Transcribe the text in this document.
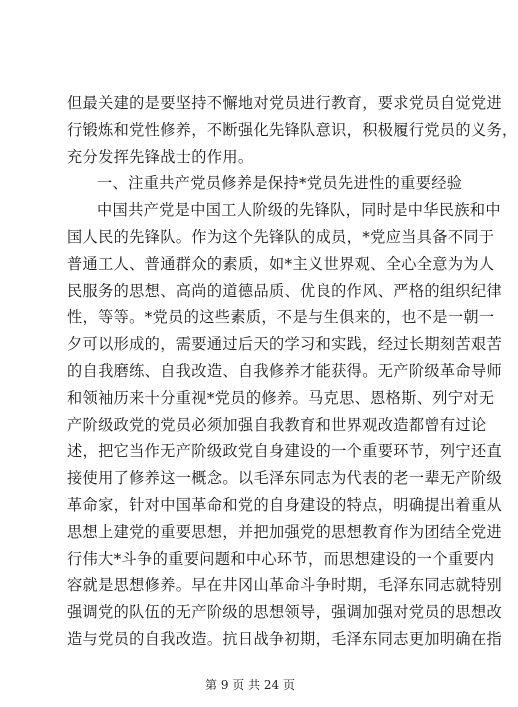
但最关建的是要坚持不懈地对党员进行教育，要求党员自觉党进
行锻炼和党性修养，不断强化先锋队意识，积极履行党员的义务，
充分发挥先锋战士的作用。
一、注重共产党员修养是保持*党员先进性的重要经验
中国共产党是中国工人阶级的先锋队，同时是中华民族和中
国人民的先锋队。作为这个先锋队的成员，*党应当具备不同于
普通工人、普通群众的素质，如*主义世界观、全心全意为为人
民服务的思想、高尚的道德品质、优良的作风、严格的组织纪律
性，等等。*党员的这些素质，不是与生俱来的，也不是一朝一
夕可以形成的，需要通过后天的学习和实践，经过长期刻苦艰苦
的自我磨练、自我改造、自我修养才能获得。无产阶级革命导师
和领袖历来十分重视*党员的修养。马克思、恩格斯、列宁对无
产阶级政党的党员必须加强自我教育和世界观改造都曾有过论
述，把它当作无产阶级政党自身建设的一个重要环节，列宁还直
接使用了修养这一概念。以毛泽东同志为代表的老一辈无产阶级
革命家，针对中国革命和党的自身建设的特点，明确提出着重从
思想上建党的重要思想，并把加强党的思想教育作为团结全党进
行伟大*斗争的重要问题和中心环节，而思想建设的一个重要内
容就是思想修养。早在井冈山革命斗争时期，毛泽东同志就特别
强调党的队伍的无产阶级的思想领导，强调加强对党员的思想改
造与党员的自我改造。抗日战争初期，毛泽东同志更加明确在指
第 9 页 共 24 页
